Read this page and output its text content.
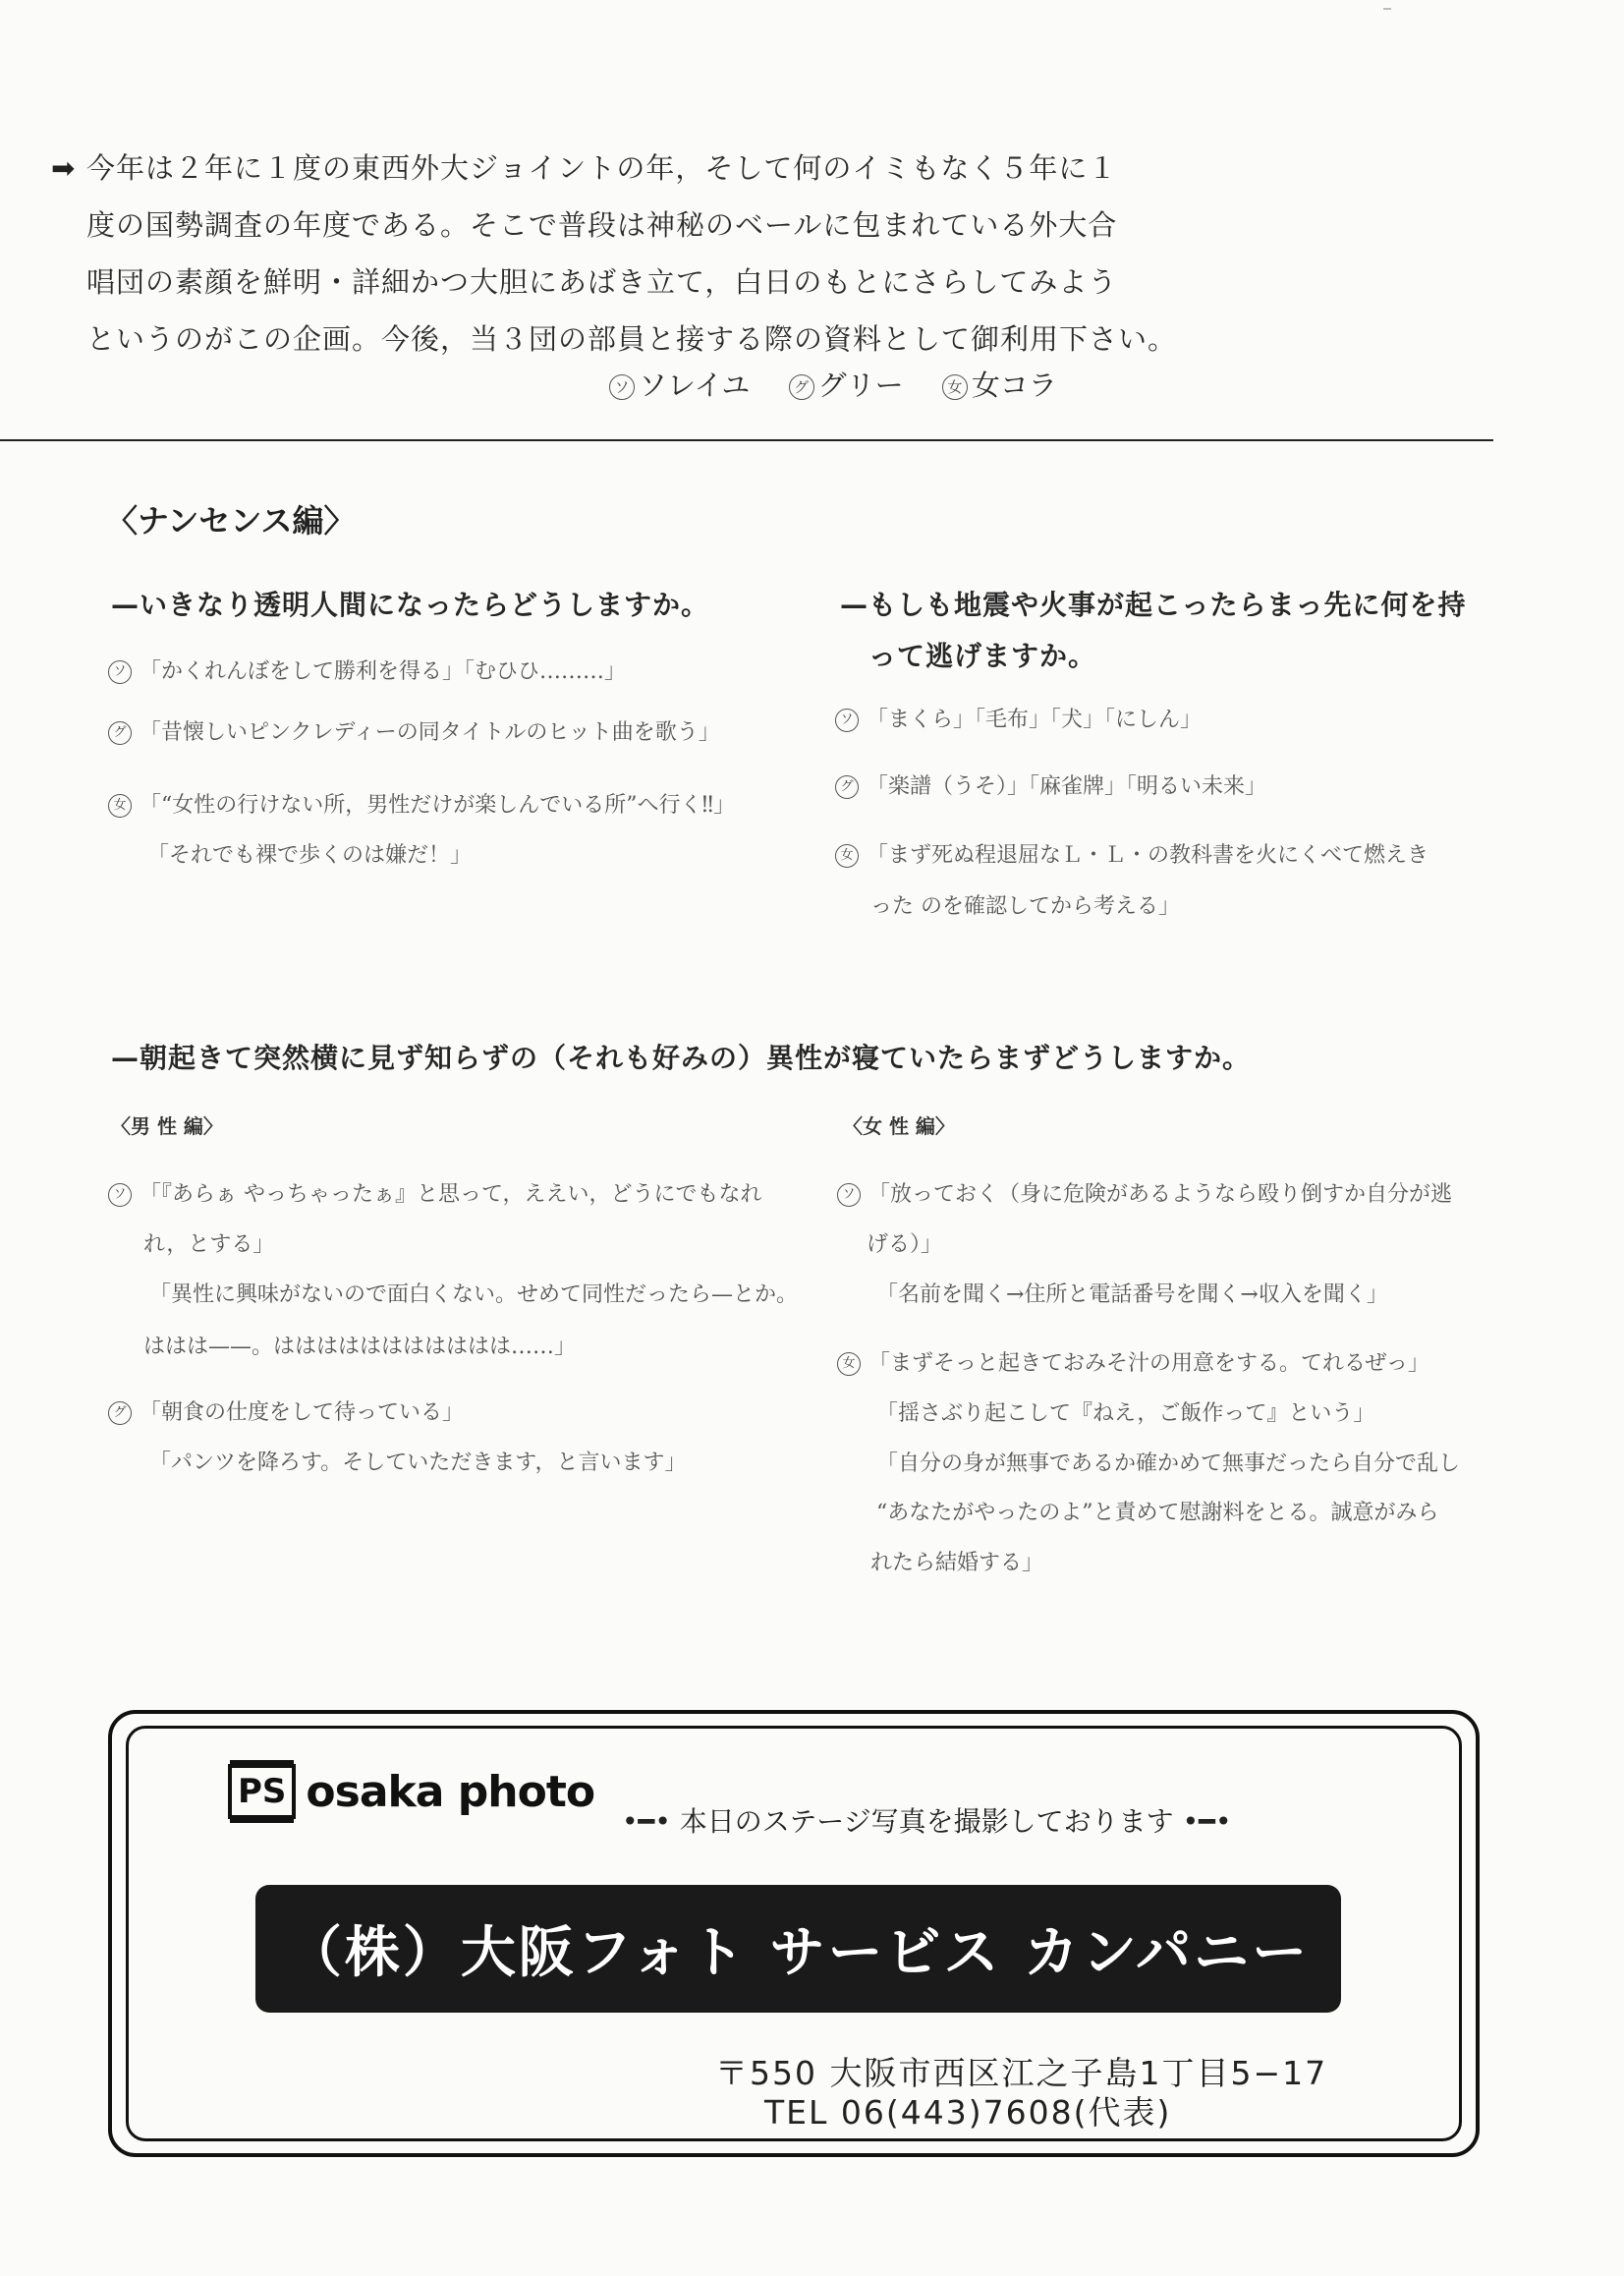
➡ 今年は２年に１度の東西外大ジョイントの年，そして何のイミもなく５年に１
度の国勢調査の年度である。そこで普段は神秘のベールに包まれている外大合
唱団の素顔を鮮明・詳細かつ大胆にあばき立て，白日のもとにさらしてみよう
というのがこの企画。今後，当３団の部員と接する際の資料として御利用下さい。
ソ ソレイユ	グ グリー	女 女コラ
〈ナンセンス編〉
—いきなり透明人間になったらどうしますか。
ソ 「かくれんぼをして勝利を得る」「むひひ………」
グ 「昔懐しいピンクレディーの同タイトルのヒット曲を歌う」
女 「“女性の行けない所，男性だけが楽しんでいる所”へ行く‼」
「それでも裸で歩くのは嫌だ！」
—もしも地震や火事が起こったらまっ先に何を持
って逃げますか。
ソ 「まくら」「毛布」「犬」「にしん」
グ 「楽譜（うそ）」「麻雀牌」「明るい未来」
女 「まず死ぬ程退屈なＬ・Ｌ・の教科書を火にくべて燃えき
った のを確認してから考える」
—朝起きて突然横に見ず知らずの（それも好みの）異性が寝ていたらまずどうしますか。
〈男 性 編〉
ソ 「『あらぁ やっちゃったぁ』と思って，ええい，どうにでもなれ
れ，とする」
「異性に興味がないので面白くない。せめて同性だったら—とか。
ははは——。ははははははははははは……」
グ 「朝食の仕度をして待っている」
「パンツを降ろす。そしていただきます，と言います」
〈女 性 編〉
ソ 「放っておく（身に危険があるようなら殴り倒すか自分が逃
げる）」
「名前を聞く→住所と電話番号を聞く→収入を聞く」
女 「まずそっと起きておみそ汁の用意をする。てれるぜっ」
「揺さぶり起こして『ねえ，ご飯作って』という」
「自分の身が無事であるか確かめて無事だったら自分で乱し
“あなたがやったのよ”と責めて慰謝料をとる。誠意がみら
れたら結婚する」
PS osaka photo
•━• 本日のステージ写真を撮影しております •━•
（株）大阪フォト サービス カンパニー
〒550 大阪市西区江之子島1丁目5−17
TEL 06(443)7608(代表)
